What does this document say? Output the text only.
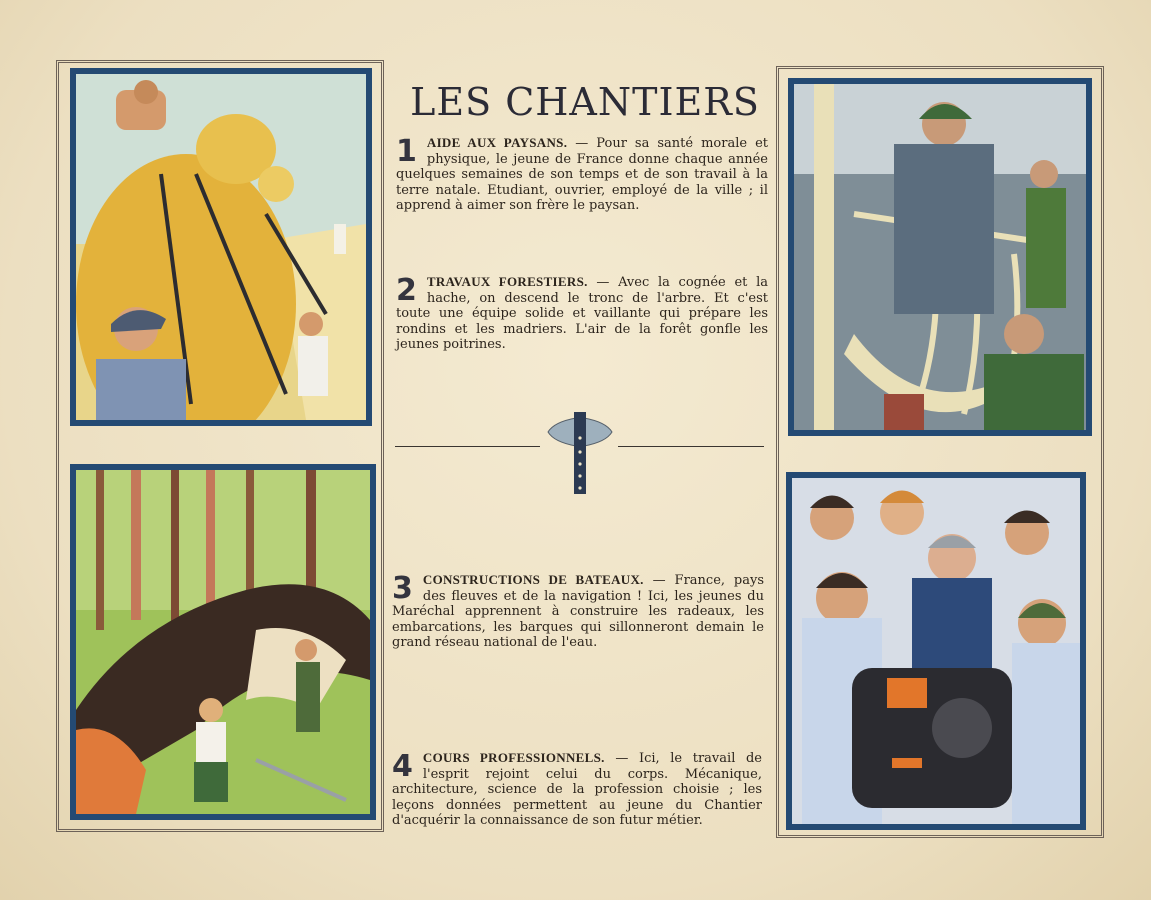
LES CHANTIERS
1 AIDE AUX PAYSANS. — Pour sa santé morale et physique, le jeune de France donne chaque année quelques semaines de son temps et de son travail à la terre natale. Etudiant, ouvrier, employé de la ville ; il apprend à aimer son frère le paysan.
2 TRAVAUX FORESTIERS. — Avec la cognée et la hache, on descend le tronc de l'arbre. Et c'est toute une équipe solide et vaillante qui prépare les rondins et les madriers. L'air de la forêt gonfle les jeunes poitrines.
3 CONSTRUCTIONS DE BATEAUX. — France, pays des fleuves et de la navigation ! Ici, les jeunes du Maréchal apprennent à construire les radeaux, les embarcations, les barques qui sillonneront demain le grand réseau national de l'eau.
4 COURS PROFESSIONNELS. — Ici, le travail de l'esprit rejoint celui du corps. Mécanique, architecture, science de la profession choisie ; les leçons données permettent au jeune du Chantier d'acquérir la connaissance de son futur métier.
